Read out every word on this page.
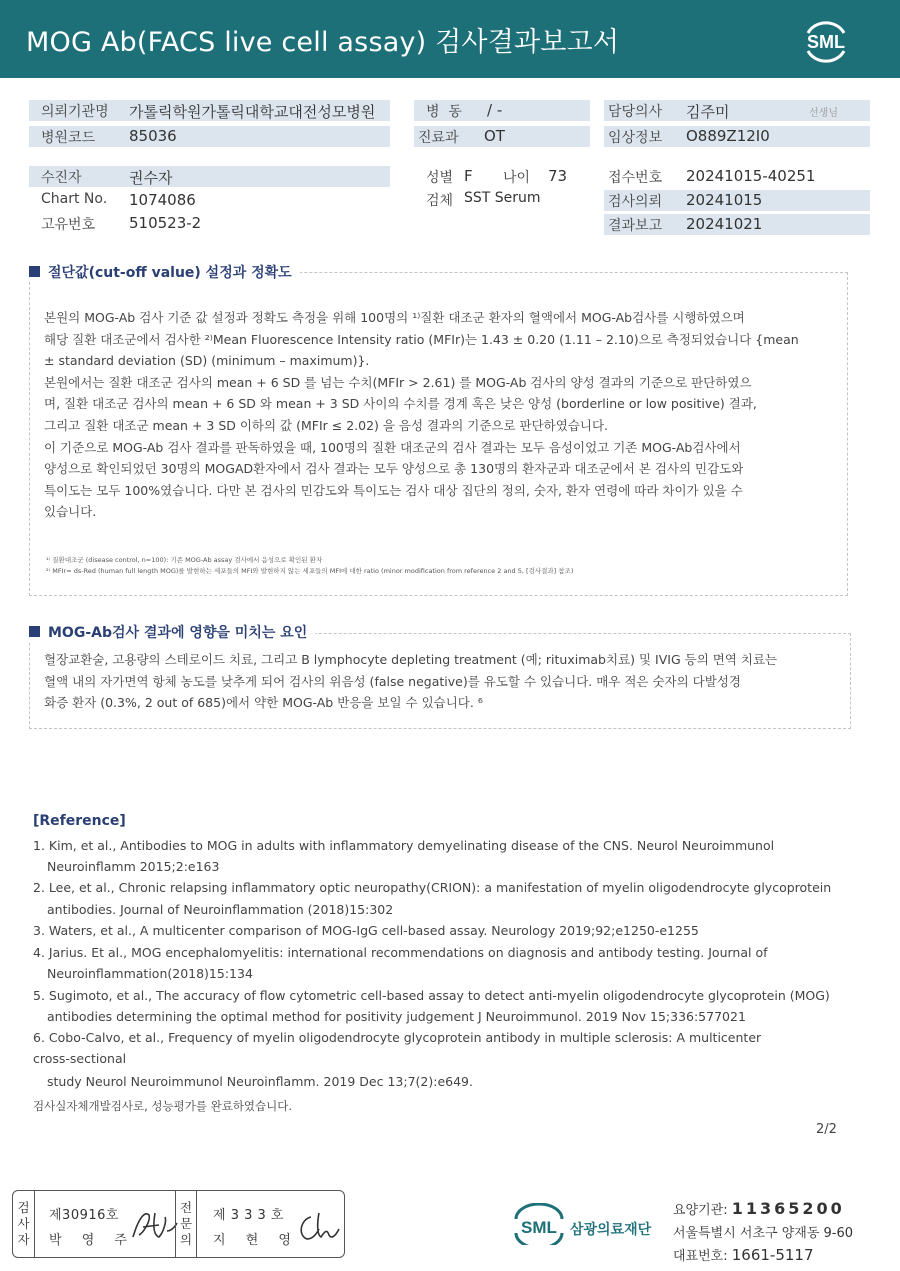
MOG Ab(FACS live cell assay) 검사결과보고서	SML
의뢰기관명 가톨릭학원가톨릭대학교대전성모병원	병  동 / -	담당의사 김주미	선생님
병원코드 85036	진료과 OT	임상정보 O889Z12I0
수진자	권수자	성별 F 나이 73	접수번호 20241015-40251
Chart No. 1074086	검체 SST Serum	검사의뢰 20241015
고유번호 510523-2	결과보고 20241021
절단값(cut-off value) 설정과 정확도

본원의 MOG-Ab 검사 기준 값 설정과 정확도 측정을 위해 100명의 ¹⁾질환 대조군 환자의 혈액에서 MOG-Ab검사를 시행하였으며

해당 질환 대조군에서 검사한 ²⁾Mean Fluorescence Intensity ratio (MFIr)는 1.43 ± 0.20 (1.11 – 2.10)으로 측정되었습니다 {mean

± standard deviation (SD) (minimum – maximum)}.

본원에서는 질환 대조군 검사의 mean + 6 SD 를 넘는 수치(MFIr > 2.61) 를 MOG-Ab 검사의 양성 결과의 기준으로 판단하였으

며, 질환 대조군 검사의 mean + 6 SD 와 mean + 3 SD 사이의 수치를 경계 혹은 낮은 양성 (borderline or low positive) 결과,

그리고 질환 대조군 mean + 3 SD 이하의 값 (MFIr ≤ 2.02) 을 음성 결과의 기준으로 판단하였습니다.

이 기준으로 MOG-Ab 검사 결과를 판독하였을 때, 100명의 질환 대조군의 검사 결과는 모두 음성이었고 기존 MOG-Ab검사에서

양성으로 확인되었던 30명의 MOGAD환자에서 검사 결과는 모두 양성으로 총 130명의 환자군과 대조군에서 본 검사의 민감도와

특이도는 모두 100%였습니다. 다만 본 검사의 민감도와 특이도는 검사 대상 집단의 정의, 숫자, 환자 연령에 따라 차이가 있을 수

있습니다.

¹⁾ 질환대조군 (disease control, n=100): 기존 MOG-Ab assay 검사에서 음성으로 확인된 환자
²⁾ MFIr= ds-Red (human full length MOG)를 발현하는 세포들의 MFI와 발현하지 않는 세포들의 MFI에 대한 ratio (minor modification from reference 2 and 5, [검사결과] 참조)
MOG-Ab검사 결과에 영향을 미치는 요인

혈장교환술, 고용량의 스테로이드 치료, 그리고 B lymphocyte depleting treatment (예; rituximab치료) 및 IVIG 등의 면역 치료는

혈액 내의 자가면역 항체 농도를 낮추게 되어 검사의 위음성 (false negative)를 유도할 수 있습니다. 매우 적은 숫자의 다발성경

화증 환자 (0.3%, 2 out of 685)에서 약한 MOG-Ab 반응을 보일 수 있습니다. ⁶

[Reference]
1. Kim, et al., Antibodies to MOG in adults with inflammatory demyelinating disease of the CNS. Neurol Neuroimmunol
Neuroinflamm 2015;2:e163
2. Lee, et al., Chronic relapsing inflammatory optic neuropathy(CRION): a manifestation of myelin oligodendrocyte glycoprotein
antibodies. Journal of Neuroinflammation (2018)15:302
3. Waters, et al., A multicenter comparison of MOG-IgG cell-based assay. Neurology 2019;92;e1250-e1255
4. Jarius. Et al., MOG encephalomyelitis: international recommendations on diagnosis and antibody testing. Journal of
Neuroinflammation(2018)15:134
5. Sugimoto, et al., The accuracy of flow cytometric cell-based assay to detect anti-myelin oligodendrocyte glycoprotein (MOG)
antibodies determining the optimal method for positivity judgement J Neuroimmunol. 2019 Nov 15;336:577021
6. Cobo-Calvo, et al., Frequency of myelin oligodendrocyte glycoprotein antibody in multiple sclerosis: A multicenter
cross-sectional
study Neurol Neuroimmunol Neuroinflamm. 2019 Dec 13;7(2):e649.
검사실자체개발검사로, 성능평가를 완료하였습니다.
2/2
검
사
자
제30916호
박 영 주
전
문
의
제 3 3 3 호
지 현 영
SML 삼광의료재단
요양기관: 11365200
서울특별시 서초구 양재동 9-60
대표번호: 1661-5117
